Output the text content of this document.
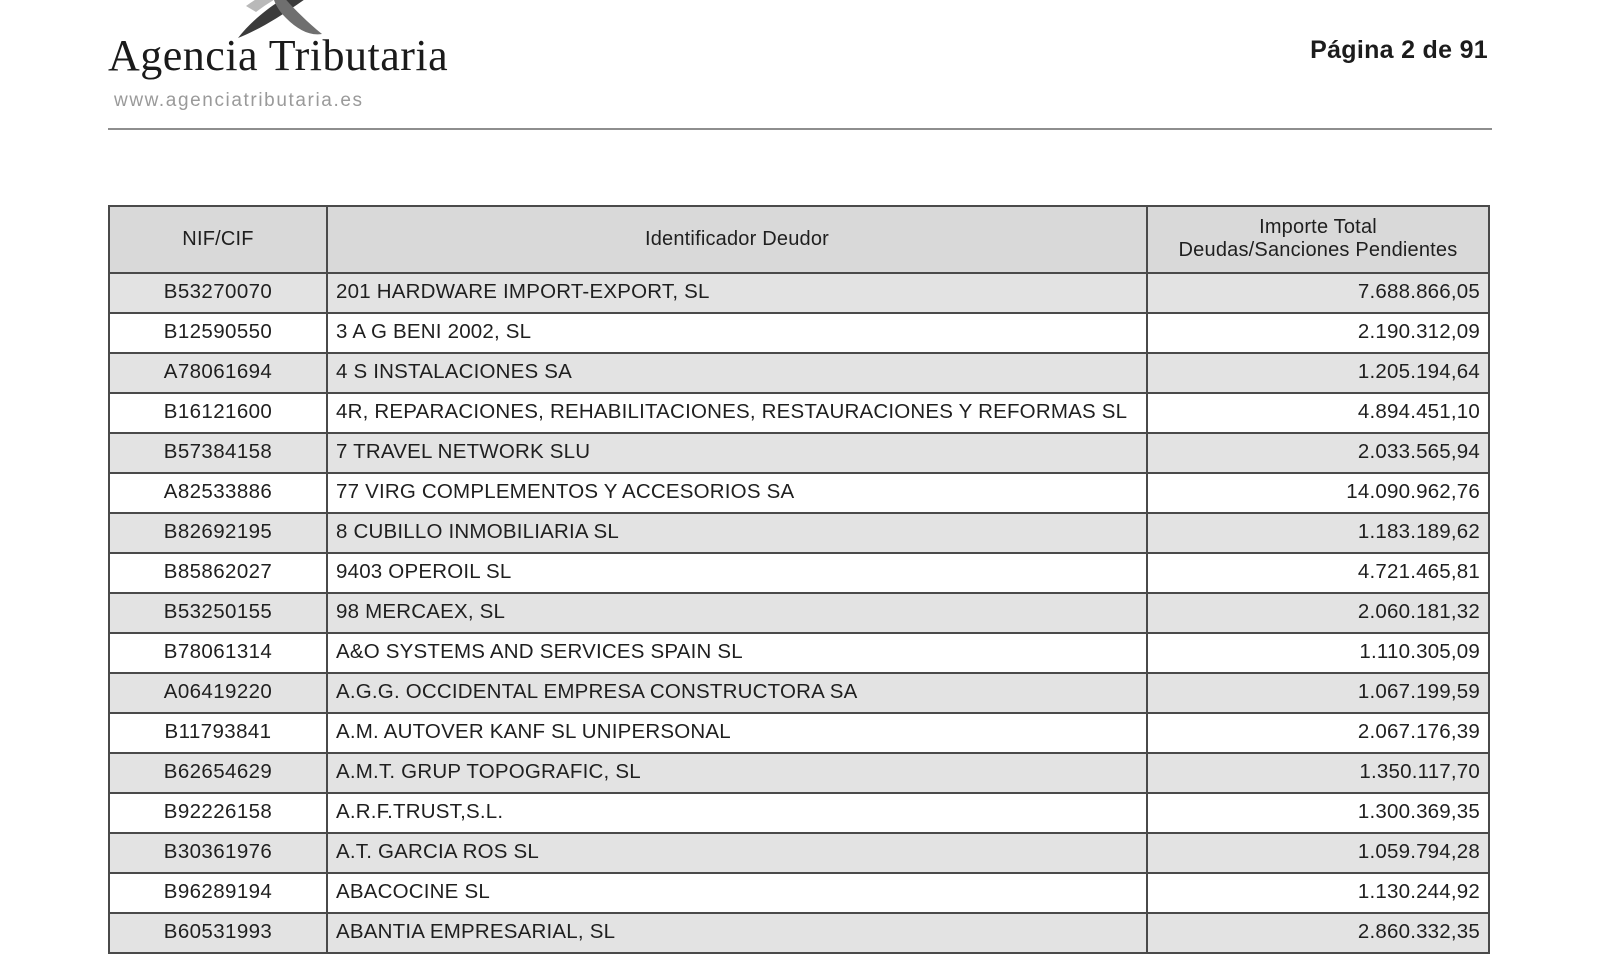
Agencia Tributaria
www.agenciatributaria.es
Página 2 de 91
NIF/CIF	Identificador Deudor	Importe Total
Deudas/Sanciones Pendientes

B53270070	201 HARDWARE IMPORT-EXPORT, SL	7.688.866,05
B12590550	3 A G BENI 2002, SL	2.190.312,09
A78061694	4 S INSTALACIONES SA	1.205.194,64
B16121600	4R, REPARACIONES, REHABILITACIONES, RESTAURACIONES Y REFORMAS SL	4.894.451,10
B57384158	7 TRAVEL NETWORK SLU	2.033.565,94
A82533886	77 VIRG COMPLEMENTOS Y ACCESORIOS SA	14.090.962,76
B82692195	8 CUBILLO INMOBILIARIA SL	1.183.189,62
B85862027	9403 OPEROIL SL	4.721.465,81
B53250155	98 MERCAEX, SL	2.060.181,32
B78061314	A&O SYSTEMS AND SERVICES SPAIN SL	1.110.305,09
A06419220	A.G.G. OCCIDENTAL EMPRESA CONSTRUCTORA SA	1.067.199,59
B11793841	A.M. AUTOVER KANF SL UNIPERSONAL	2.067.176,39
B62654629	A.M.T. GRUP TOPOGRAFIC, SL	1.350.117,70
B92226158	A.R.F.TRUST,S.L.	1.300.369,35
B30361976	A.T. GARCIA ROS SL	1.059.794,28
B96289194	ABACOCINE SL	1.130.244,92
B60531993	ABANTIA EMPRESARIAL, SL	2.860.332,35
